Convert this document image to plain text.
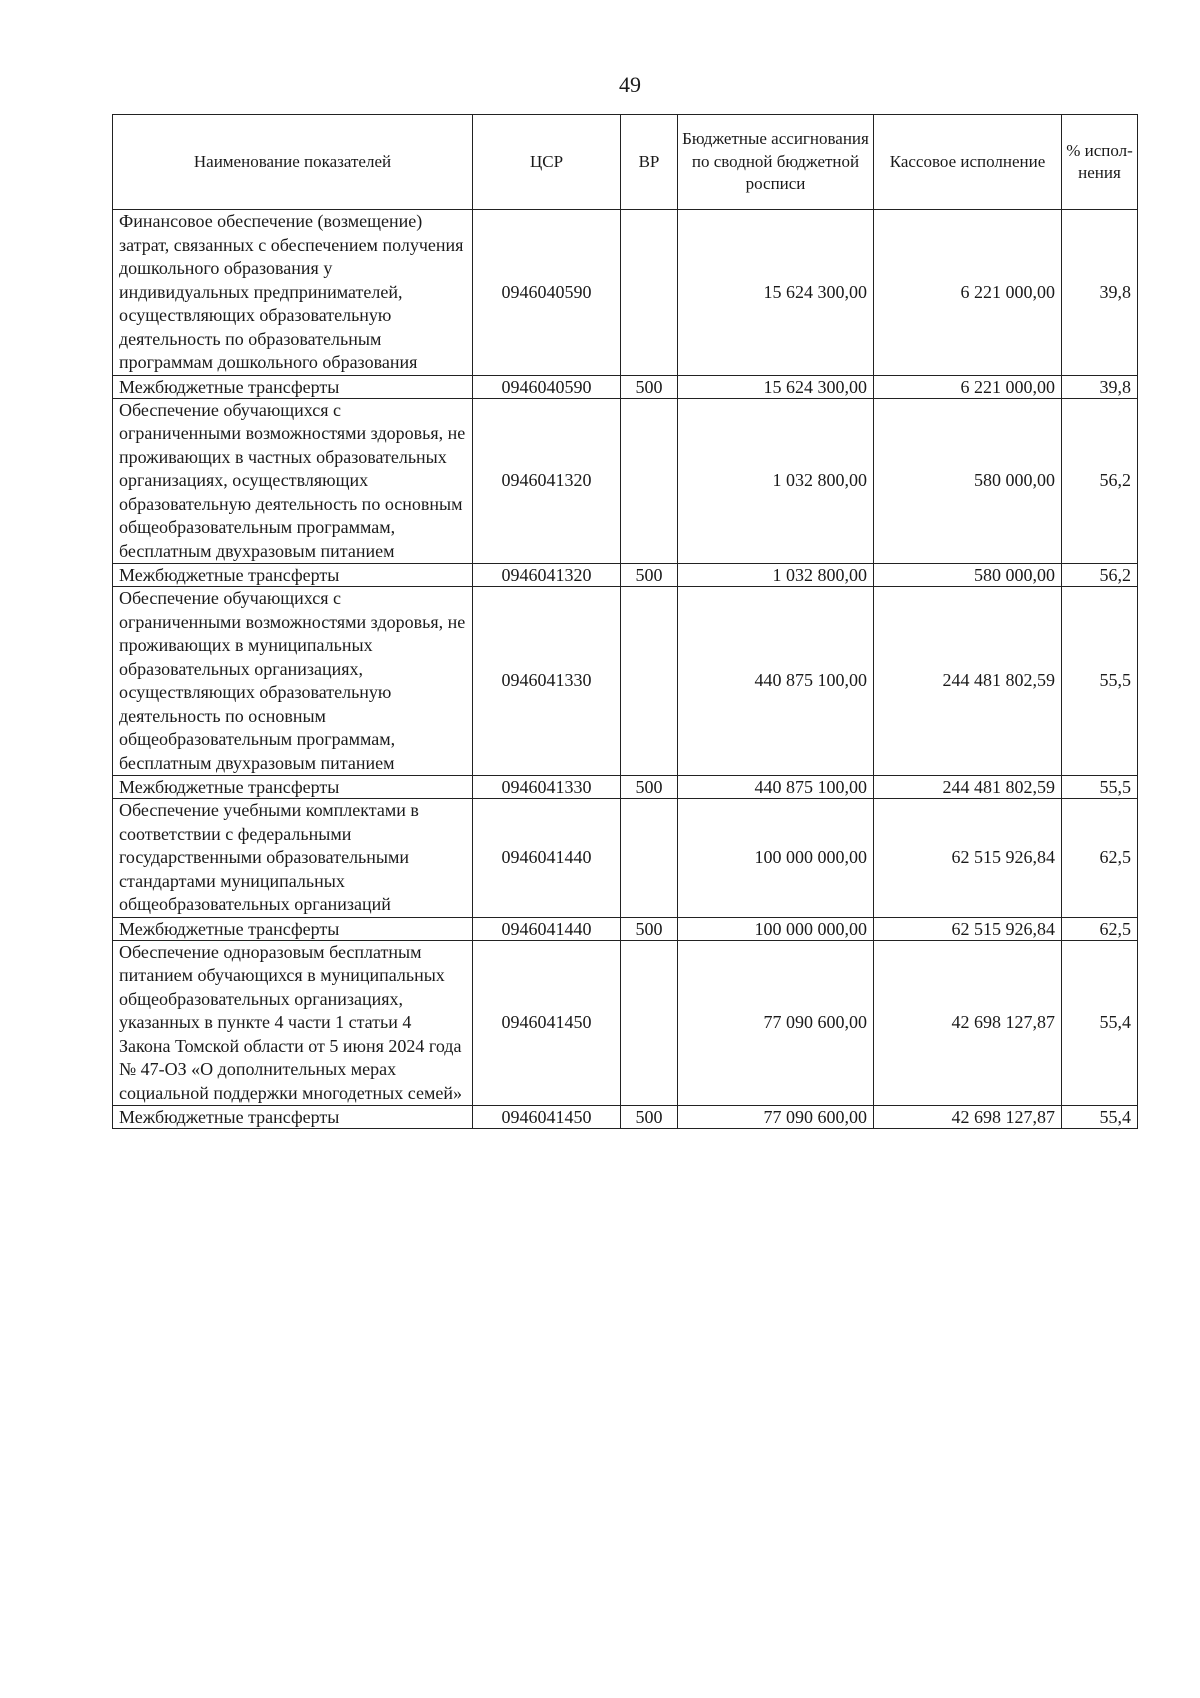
49
Наименование показателей	ЦСР	ВР	Бюджетные ассигнования по сводной бюджетной росписи	Кассовое исполнение	% испол-нения
Финансовое обеспечение (возмещение) затрат, связанных с обеспечением получения дошкольного образования у индивидуальных предпринимателей, осуществляющих образовательную деятельность по образовательным программам дошкольного образования	0946040590		15 624 300,00	6 221 000,00	39,8
Межбюджетные трансферты	0946040590	500	15 624 300,00	6 221 000,00	39,8
Обеспечение обучающихся с ограниченными возможностями здоровья, не проживающих в частных образовательных организациях, осуществляющих образовательную деятельность по основным общеобразовательным программам, бесплатным двухразовым питанием	0946041320		1 032 800,00	580 000,00	56,2
Межбюджетные трансферты	0946041320	500	1 032 800,00	580 000,00	56,2
Обеспечение обучающихся с ограниченными возможностями здоровья, не проживающих в муниципальных образовательных организациях, осуществляющих образовательную деятельность по основным общеобразовательным программам, бесплатным двухразовым питанием	0946041330		440 875 100,00	244 481 802,59	55,5
Межбюджетные трансферты	0946041330	500	440 875 100,00	244 481 802,59	55,5
Обеспечение учебными комплектами в соответствии с федеральными государственными образовательными стандартами муниципальных общеобразовательных организаций	0946041440		100 000 000,00	62 515 926,84	62,5
Межбюджетные трансферты	0946041440	500	100 000 000,00	62 515 926,84	62,5
Обеспечение одноразовым бесплатным питанием обучающихся в муниципальных общеобразовательных организациях, указанных в пункте 4 части 1 статьи 4 Закона Томской области от 5 июня 2024 года № 47-ОЗ «О дополнительных мерах социальной поддержки многодетных семей»	0946041450		77 090 600,00	42 698 127,87	55,4
Межбюджетные трансферты	0946041450	500	77 090 600,00	42 698 127,87	55,4
